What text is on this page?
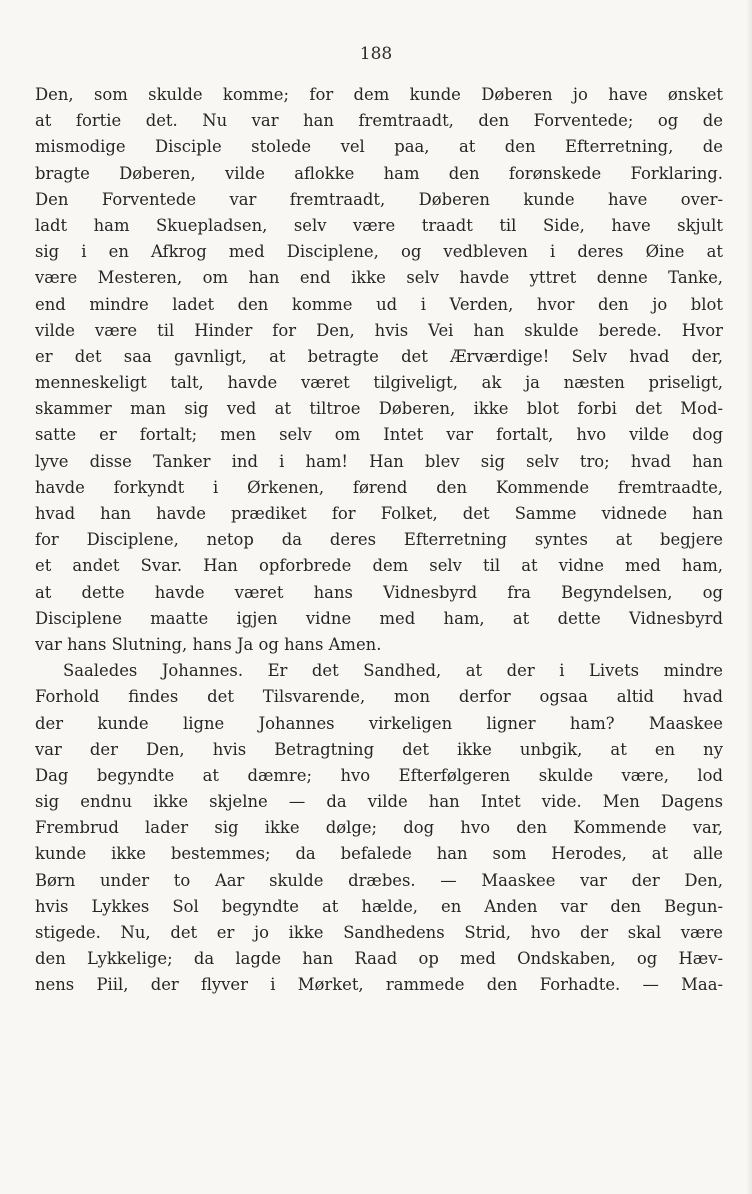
188
Den, som skulde komme; for dem kunde Døberen jo have ønsket
at fortie det. Nu var han fremtraadt, den Forventede; og de
mismodige Disciple stolede vel paa, at den Efterretning, de
bragte Døberen, vilde aflokke ham den forønskede Forklaring.
Den Forventede var fremtraadt, Døberen kunde have over-
ladt ham Skuepladsen, selv være traadt til Side, have skjult
sig i en Afkrog med Disciplene, og vedbleven i deres Øine at
være Mesteren, om han end ikke selv havde yttret denne Tanke,
end mindre ladet den komme ud i Verden, hvor den jo blot
vilde være til Hinder for Den, hvis Vei han skulde berede. Hvor
er det saa gavnligt, at betragte det Ærværdige! Selv hvad der,
menneskeligt talt, havde været tilgiveligt, ak ja næsten priseligt,
skammer man sig ved at tiltroe Døberen, ikke blot forbi det Mod-
satte er fortalt; men selv om Intet var fortalt, hvo vilde dog
lyve disse Tanker ind i ham! Han blev sig selv tro; hvad han
havde forkyndt i Ørkenen, førend den Kommende fremtraadte,
hvad han havde prædiket for Folket, det Samme vidnede han
for Disciplene, netop da deres Efterretning syntes at begjere
et andet Svar. Han opforbrede dem selv til at vidne med ham,
at dette havde været hans Vidnesbyrd fra Begyndelsen, og
Disciplene maatte igjen vidne med ham, at dette Vidnesbyrd
var hans Slutning, hans Ja og hans Amen.
Saaledes Johannes. Er det Sandhed, at der i Livets mindre
Forhold findes det Tilsvarende, mon derfor ogsaa altid hvad
der kunde ligne Johannes virkeligen ligner ham? Maaskee
var der Den, hvis Betragtning det ikke unbgik, at en ny
Dag begyndte at dæmre; hvo Efterfølgeren skulde være, lod
sig endnu ikke skjelne — da vilde han Intet vide. Men Dagens
Frembrud lader sig ikke dølge; dog hvo den Kommende var,
kunde ikke bestemmes; da befalede han som Herodes, at alle
Børn under to Aar skulde dræbes. — Maaskee var der Den,
hvis Lykkes Sol begyndte at hælde, en Anden var den Begun-
stigede. Nu, det er jo ikke Sandhedens Strid, hvo der skal være
den Lykkelige; da lagde han Raad op med Ondskaben, og Hæv-
nens Piil, der flyver i Mørket, rammede den Forhadte. — Maa-
